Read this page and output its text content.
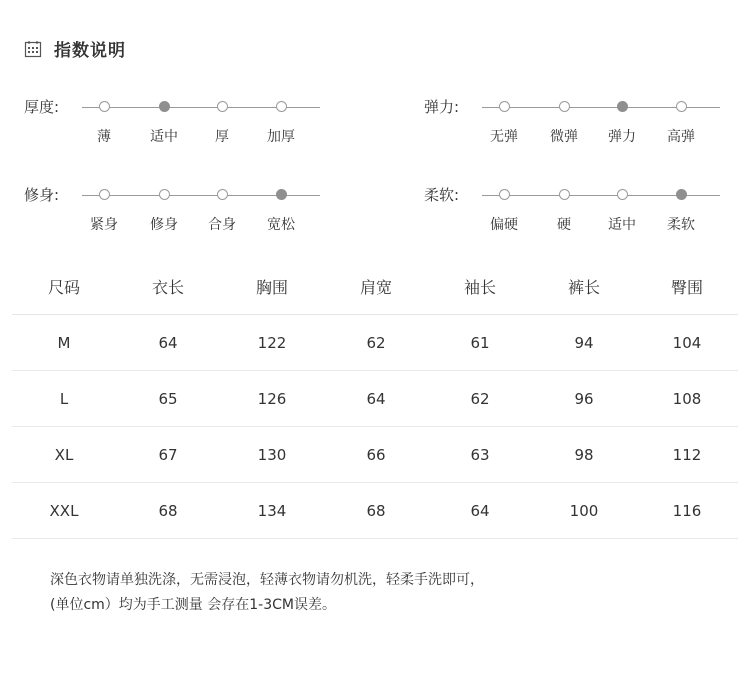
指数说明
厚度:
薄	适中	厚	加厚
弹力:
无弹	微弹	弹力	高弹
修身:
紧身	修身	合身	宽松
柔软:
偏硬	硬	适中	柔软
尺码	衣长	胸围	肩宽	袖长	裤长	臀围
M	64	122	62	61	94	104
L	65	126	64	62	96	108
XL	67	130	66	63	98	112
XXL	68	134	68	64	100	116
深色衣物请单独洗涤，无需浸泡，轻薄衣物请勿机洗，轻柔手洗即可，
(单位cm）均为手工测量 会存在1-3CM误差。
